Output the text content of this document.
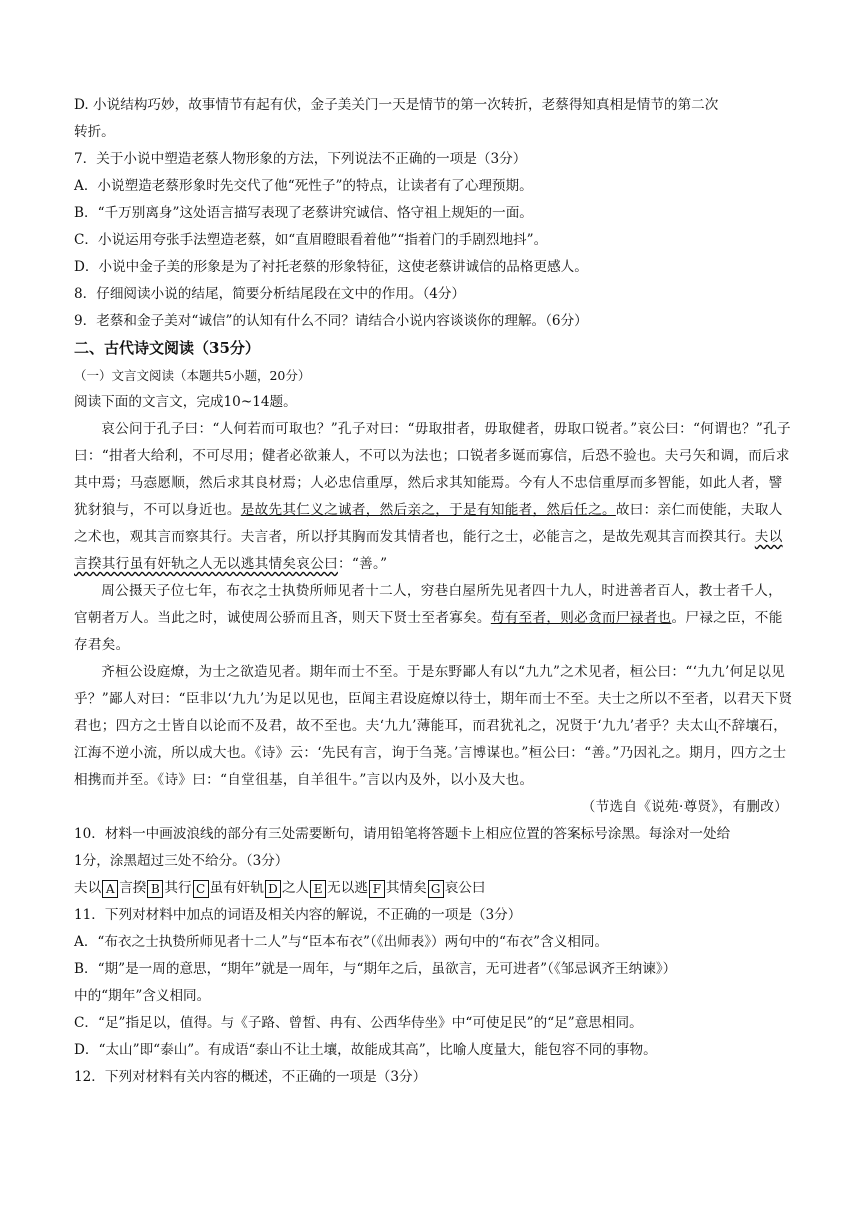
D. 小说结构巧妙，故事情节有起有伏，金子美关门一天是情节的第一次转折，老蔡得知真相是情节的第二次

转折。

7．关于小说中塑造老蔡人物形象的方法，下列说法不正确的一项是（3分）

A．小说塑造老蔡形象时先交代了他“死性子”的特点，让读者有了心理预期。

B．“千万别离身”这处语言描写表现了老蔡讲究诚信、恪守祖上规矩的一面。

C．小说运用夸张手法塑造老蔡，如“直眉瞪眼看着他”“指着门的手剧烈地抖”。

D．小说中金子美的形象是为了衬托老蔡的形象特征，这使老蔡讲诚信的品格更感人。

8．仔细阅读小说的结尾，简要分析结尾段在文中的作用。（4分）

9．老蔡和金子美对“诚信”的认知有什么不同？请结合小说内容谈谈你的理解。（6分）

二、古代诗文阅读（35分）

（一）文言文阅读（本题共5小题，20分）

阅读下面的文言文，完成10~14题。

哀公问于孔子曰：“人何若而可取也？”孔子对曰：“毋取拑者，毋取健者，毋取口锐者。”哀公曰：“何谓也？”孔子曰：“拑者大给利，不可尽用；健者必欲兼人，不可以为法也；口锐者多诞而寡信，后恐不验也。夫弓矢和调，而后求其中焉；马悫愿顺，然后求其良材焉；人必忠信重厚，然后求其知能焉。今有人不忠信重厚而多智能，如此人者，譬犹豺狼与，不可以身近也。是故先其仁义之诚者，然后亲之，于是有知能者，然后任之。故曰：亲仁而使能，夫取人之术也，观其言而察其行。夫言者，所以抒其胸而发其情者也，能行之士，必能言之，是故先观其言而揆其行。夫以言揆其行虽有奸轨之人无以逃其情矣哀公曰：“善。”

周公摄天子位七年，布衣之士执贽所师见者十二人，穷巷白屋所先见者四十九人，时进善者百人，教士者千人，官朝者万人。当此之时，诚使周公骄而且吝，则天下贤士至者寡矣。苟有至者，则必贪而尸禄者也。尸禄之臣，不能存君矣。

齐桓公设庭燎，为士之欲造见者。期年而士不至。于是东野鄙人有以“九九”之术见者，桓公曰：“‘九九’何足以见乎？”鄙人对曰：“臣非以‘九九’为足以见也，臣闻主君设庭燎以待士，期年而士不至。夫士之所以不至者，以君天下贤君也；四方之士皆自以论而不及君，故不至也。夫‘九九’薄能耳，而君犹礼之，况贤于‘九九’者乎？夫太山不辞壤石，江海不逆小流，所以成大也。《诗》云：‘先民有言，询于刍荛。’言博谋也。”桓公曰：“善。”乃因礼之。期月，四方之士相携而并至。《诗》曰：“自堂徂基，自羊徂牛。”言以内及外，以小及大也。

（节选自《说苑·尊贤》，有删改）

10．材料一中画波浪线的部分有三处需要断句，请用铅笔将答题卡上相应位置的答案标号涂黑。每涂对一处给

1分，涂黑超过三处不给分。（3分）

夫以 A 言揆 B 其行 C 虽有奸轨 D 之人 E 无以逃 F 其情矣 G 哀公曰

11．下列对材料中加点的词语及相关内容的解说，不正确的一项是（3分）

A．“布衣之士执贽所师见者十二人”与“臣本布衣”（《出师表》）两句中的“布衣”含义相同。

B．“期”是一周的意思，“期年”就是一周年，与“期年之后，虽欲言，无可进者”（《邹忌讽齐王纳谏》）

中的“期年”含义相同。

C．“足”指足以，值得。与《子路、曾皙、冉有、公西华侍坐》中“可使足民”的“足”意思相同。

D．“太山”即“泰山”。有成语“泰山不让土壤，故能成其高”，比喻人度量大，能包容不同的事物。

12．下列对材料有关内容的概述，不正确的一项是（3分）
